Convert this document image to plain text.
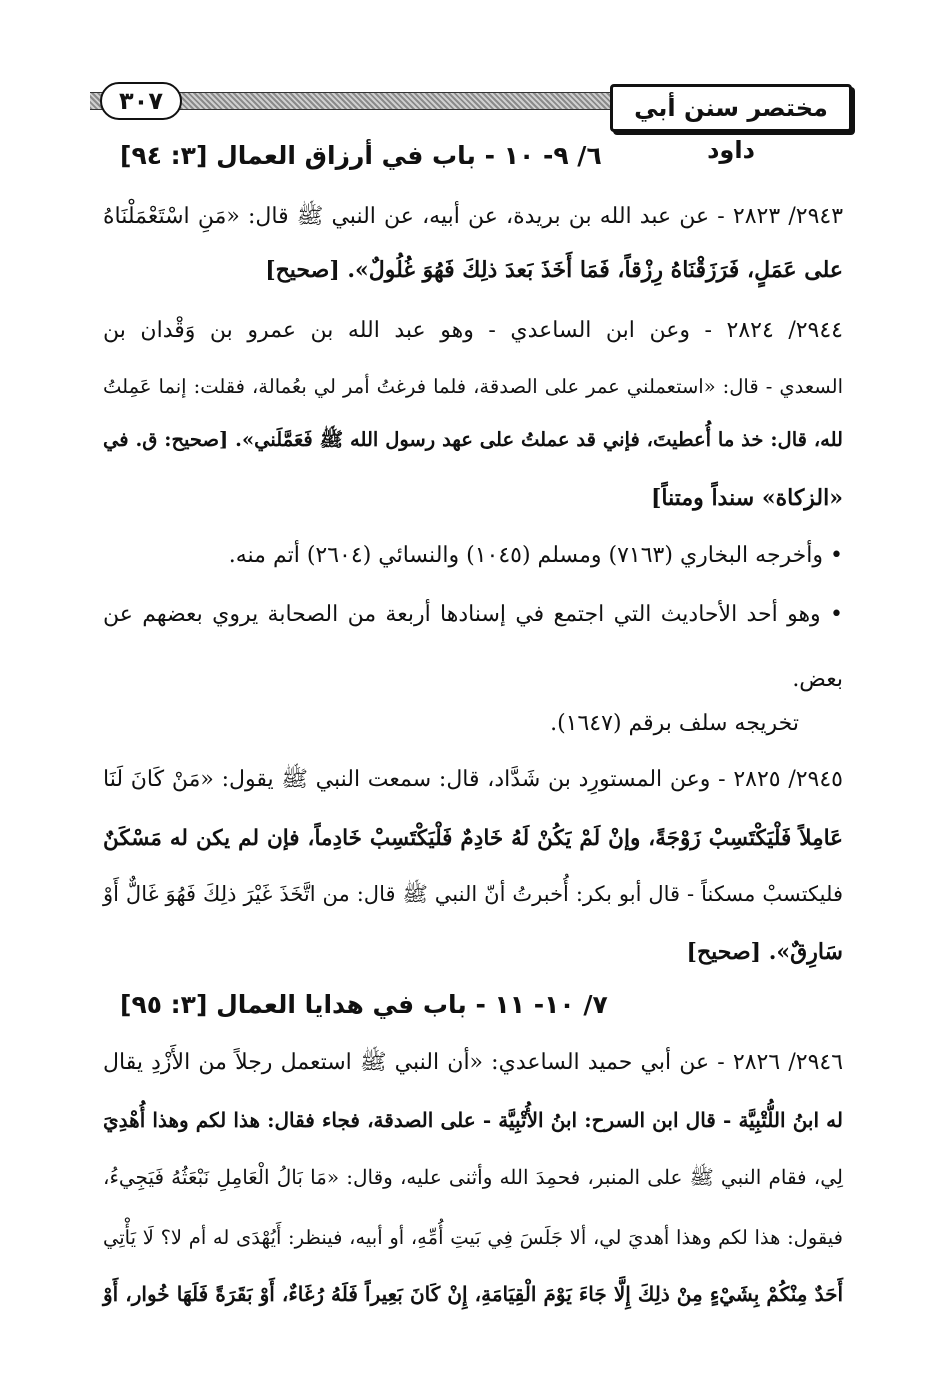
٣٠٧	مختصر سنن أبي داود
٦/ ٩- ١٠ - باب في أرزاق العمال [٣: ٩٤]
٢٩٤٣/ ٢٨٢٣ - عن عبد الله بن بريدة، عن أبيه، عن النبي ﷺ قال: «مَنِ اسْتَعْمَلْنَاهُ
على عَمَلٍ، فَرَزَقْنَاهُ رِزْقاً، فَمَا أَخَذَ بَعدَ ذلِكَ فَهُوَ غُلُولٌ». [صحيح]
٢٩٤٤/ ٢٨٢٤ - وعن ابن الساعدي - وهو عبد الله بن عمرو بن وَقْدان بن
السعدي - قال: «استعملني عمر على الصدقة، فلما فرغتُ أمر لي بعُمالة، فقلت: إنما عَمِلتُ
لله، قال: خذ ما أُعطيتَ، فإني قد عملتُ على عهد رسول الله ﷺ فَعَمَّلَني». [صحيح: ق. في
«الزكاة» سنداً ومتناً]
• وأخرجه البخاري (٧١٦٣) ومسلم (١٠٤٥) والنسائي (٢٦٠٤) أتم منه.
• وهو أحد الأحاديث التي اجتمع في إسنادها أربعة من الصحابة يروي بعضهم عن
بعض.
تخريجه سلف برقم (١٦٤٧).
٢٩٤٥/ ٢٨٢٥ - وعن المستورِد بن شَدَّاد، قال: سمعت النبي ﷺ يقول: «مَنْ كَانَ لَنَا
عَامِلاً فَلْيَكْتَسِبْ زَوْجَةً، وإنْ لَمْ يَكُنْ لَهُ خَادِمٌ فَلْيَكْتَسِبْ خَادِماً، فإن لم يكن له مَسْكَنٌ
فليكتسبْ مسكناً - قال أبو بكر: أُخبرتُ أنّ النبي ﷺ قال: من اتَّخَذَ غَيْرَ ذلِكَ فَهُوَ غَالٌّ أَوْ
سَارِقٌ». [صحيح]
٧/ ١٠- ١١ - باب في هدايا العمال [٣: ٩٥]
٢٩٤٦/ ٢٨٢٦ - عن أبي حميد الساعدي: «أن النبي ﷺ استعمل رجلاً من الأَزْدِ يقال
له ابنُ اللُّتْبِيَّة - قال ابن السرح: ابنُ الأُتْبِيَّة - على الصدقة، فجاء فقال: هذا لكم وهذا أُهْدِيَ
لِي، فقام النبي ﷺ على المنبر، فحمِدَ الله وأثنى عليه، وقال: «مَا بَالُ الْعَامِلِ نَبْعَثُهُ فَيَجِيءُ،
فيقول: هذا لكم وهذا أهديَ لي، ألا جَلَسَ فِي بَيتِ أُمِّهِ، أو أبيه، فينظر: أَيُهْدَى له أم لا؟ لَا يَأْتِي
أَحَدٌ مِنْكُمْ بِشَيْءٍ مِنْ ذلِكَ إِلَّا جَاءَ يَوْمَ الْقِيَامَةِ، إِنْ كَانَ بَعِيراً فَلَهُ رُغَاءٌ، أَوْ بَقَرَةً فَلَهَا خُوار، أَوْ
